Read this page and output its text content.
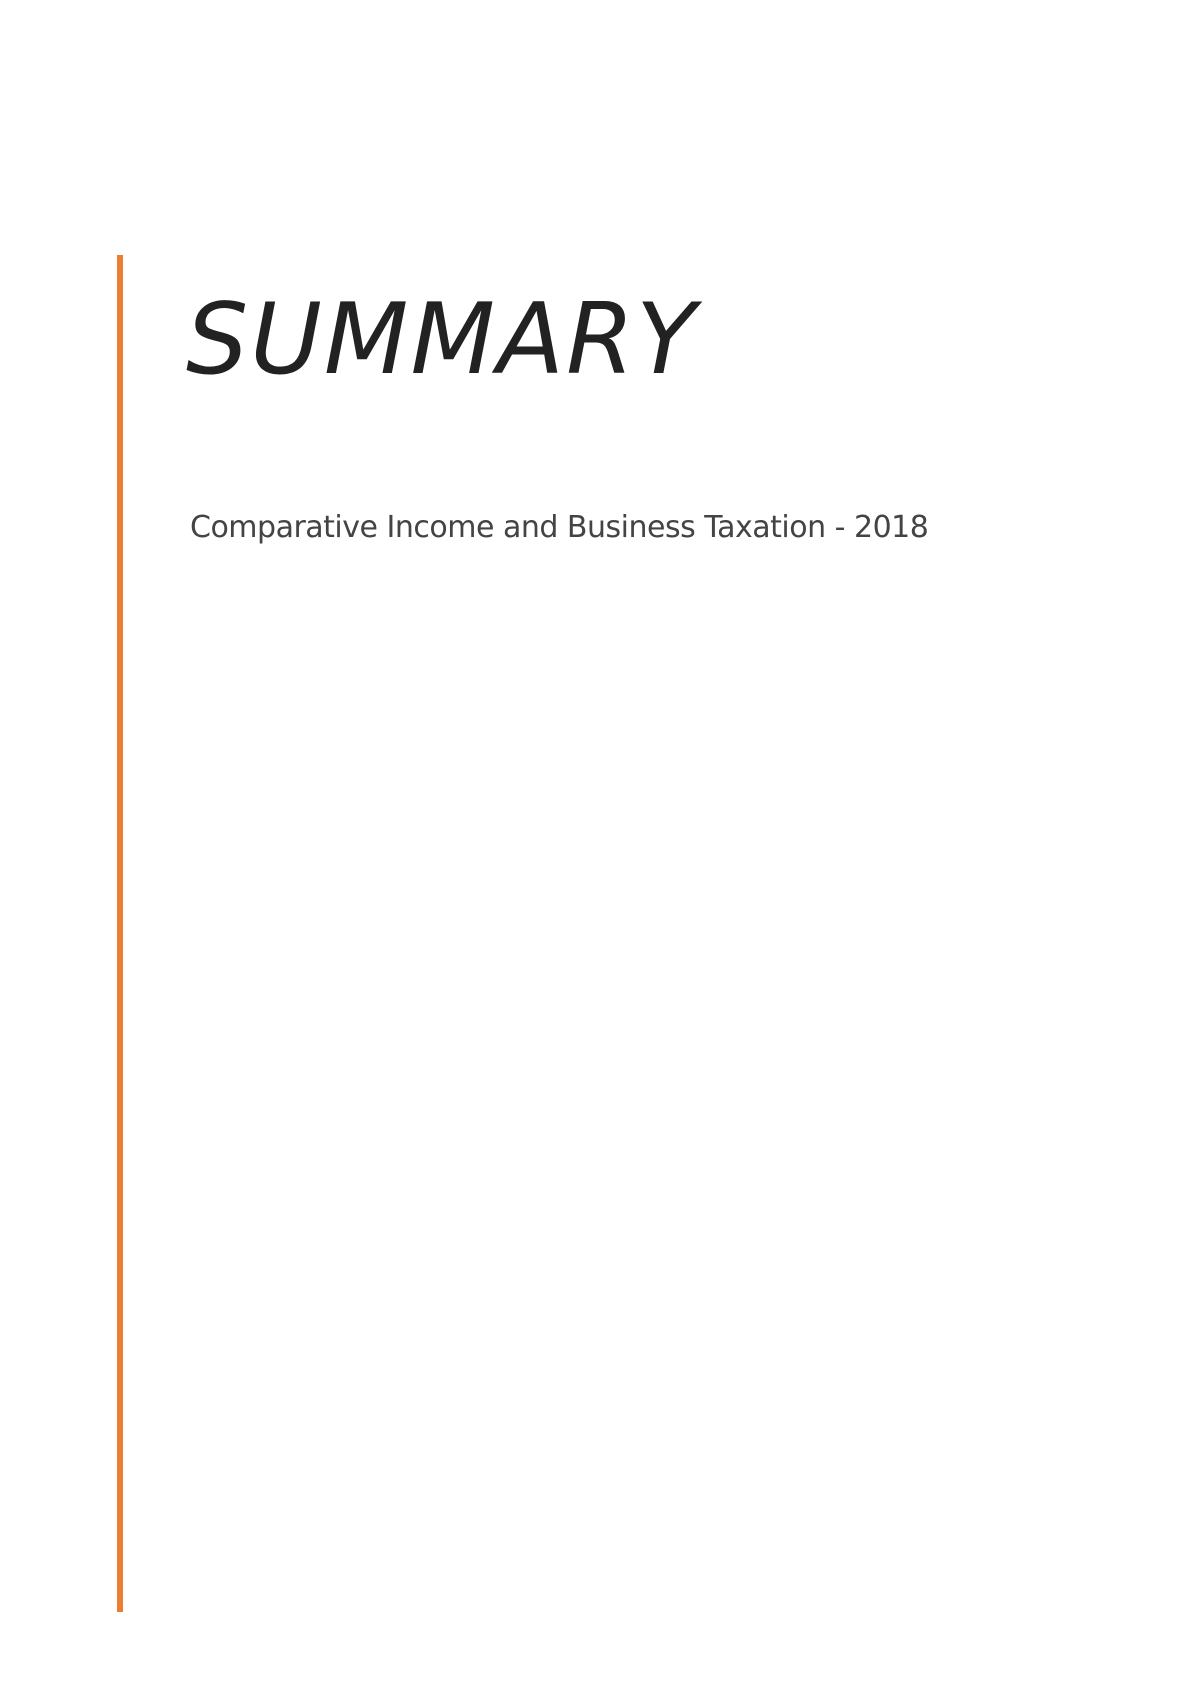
SUMMARY

Comparative Income and Business Taxation - 2018
